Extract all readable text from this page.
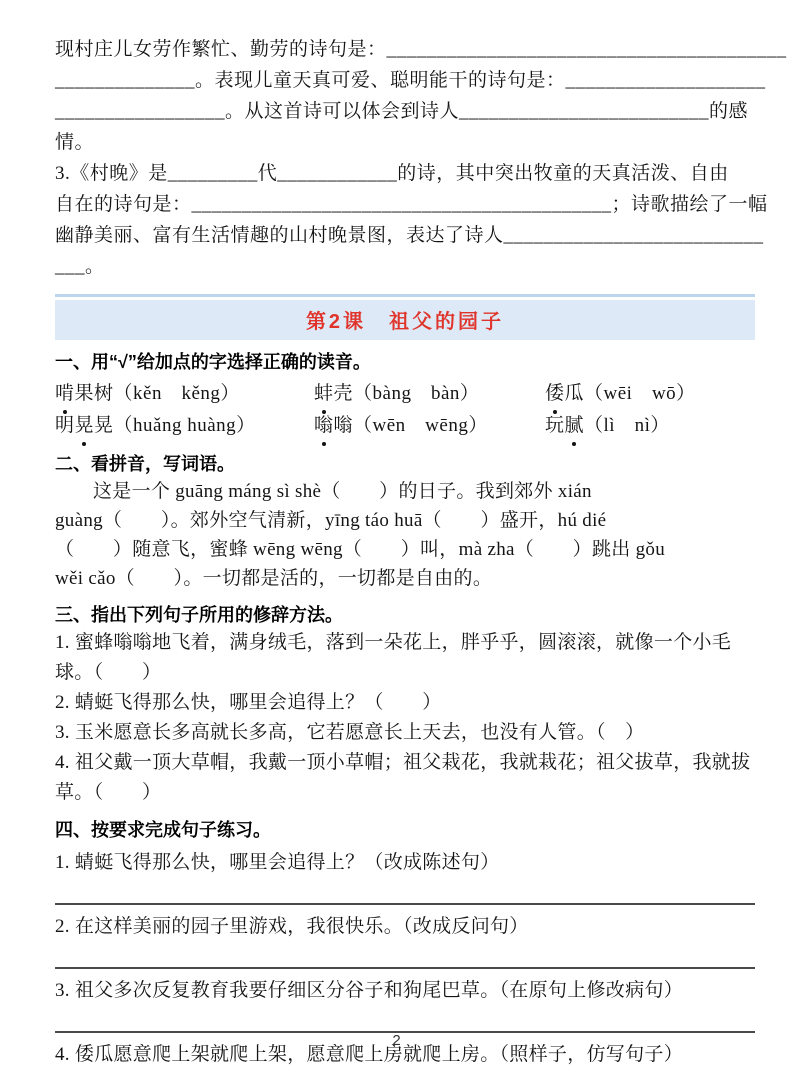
现村庄儿女劳作繁忙、勤劳的诗句是：________________________________________
______________。表现儿童天真可爱、聪明能干的诗句是：____________________
_________________。从这首诗可以体会到诗人_________________________的感
情。
3.《村晚》是_________代____________的诗，其中突出牧童的天真活泼、自由
自在的诗句是：__________________________________________；诗歌描绘了一幅
幽静美丽、富有生活情趣的山村晚景图，表达了诗人__________________________
___。
第2课　祖父的园子
一、用“√”给加点的字选择正确的读音。
啃果树（kěn　kěng）	蚌壳（bàng　bàn）	倭瓜（wēi　wō）
明晃晃（huǎng huàng）	嗡嗡（wēn　wēng）	玩腻（lì　nì）
二、看拼音，写词语。
这是一个 guāng máng sì shè（　　）的日子。我到郊外 xián
guàng（　　）。郊外空气清新，yīng táo huā（　　）盛开，hú dié
（　　）随意飞，蜜蜂 wēng wēng（　　）叫，mà zha（　　）跳出 gǒu
wěi cǎo（　　）。一切都是活的，一切都是自由的。
三、指出下列句子所用的修辞方法。
1. 蜜蜂嗡嗡地飞着，满身绒毛，落到一朵花上，胖乎乎，圆滚滚，就像一个小毛球。（　　）
2. 蜻蜓飞得那么快，哪里会追得上？（　　）
3. 玉米愿意长多高就长多高，它若愿意长上天去，也没有人管。（　）
4. 祖父戴一顶大草帽，我戴一顶小草帽；祖父栽花，我就栽花；祖父拔草，我就拔草。（　　）
四、按要求完成句子练习。
1. 蜻蜓飞得那么快，哪里会追得上？（改成陈述句）
2. 在这样美丽的园子里游戏，我很快乐。（改成反问句）
3. 祖父多次反复教育我要仔细区分谷子和狗尾巴草。（在原句上修改病句）
4. 倭瓜愿意爬上架就爬上架，愿意爬上房就爬上房。（照样子，仿写句子）
2
